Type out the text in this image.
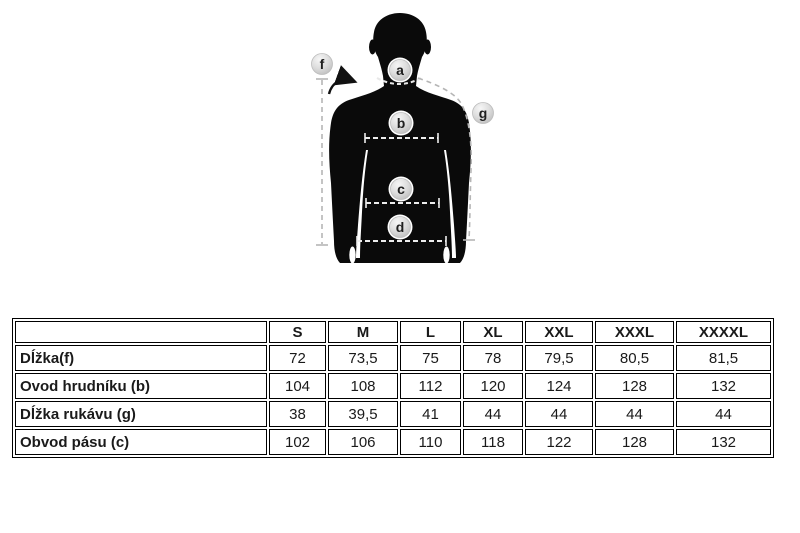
f	a
g
b
c
d
	S	M	L	XL	XXL	XXXL	XXXXL
Dĺžka(f)	72	73,5	75	78	79,5	80,5	81,5
Ovod hrudníku (b)	104	108	112	120	124	128	132
Dĺžka rukávu (g)	38	39,5	41	44	44	44	44
Obvod pásu (c)	102	106	110	118	122	128	132
